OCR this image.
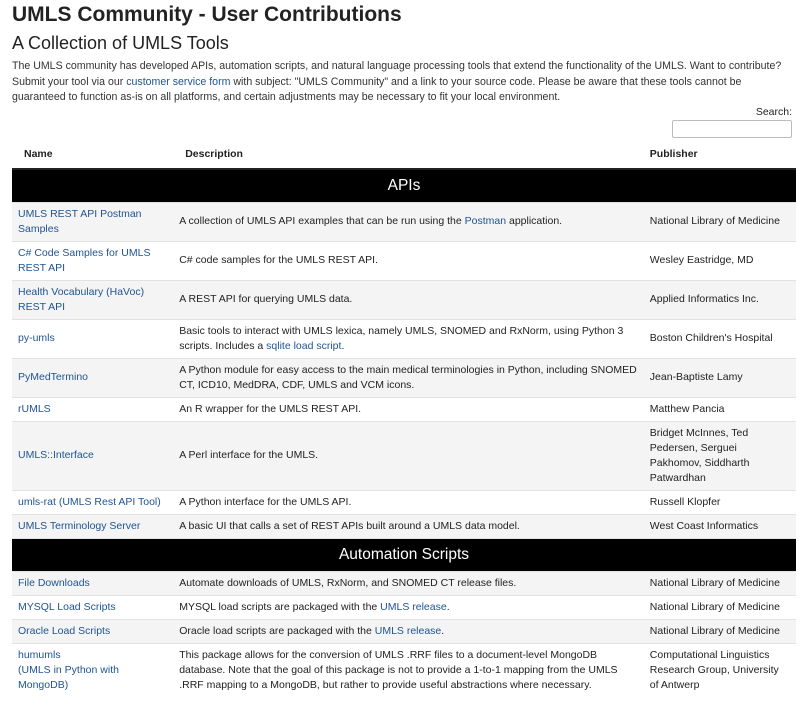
UMLS Community - User Contributions
A Collection of UMLS Tools

The UMLS community has developed APIs, automation scripts, and natural language processing tools that extend the functionality of the UMLS. Want to contribute? Submit your tool via our customer service form with subject: "UMLS Community" and a link to your source code. Please be aware that these tools cannot be guaranteed to function as-is on all platforms, and certain adjustments may be necessary to fit your local environment.

Search:
Name	Description	Publisher
APIs		
UMLS REST API Postman Samples	A collection of UMLS API examples that can be run using the Postman application.	National Library of Medicine
C# Code Samples for UMLS REST API	C# code samples for the UMLS REST API.	Wesley Eastridge, MD
Health Vocabulary (HaVoc) REST API	A REST API for querying UMLS data.	Applied Informatics Inc.
py-umls	Basic tools to interact with UMLS lexica, namely UMLS, SNOMED and RxNorm, using Python 3 scripts. Includes a sqlite load script.	Boston Children's Hospital
PyMedTermino	A Python module for easy access to the main medical terminologies in Python, including SNOMED CT, ICD10, MedDRA, CDF, UMLS and VCM icons.	Jean-Baptiste Lamy
rUMLS	An R wrapper for the UMLS REST API.	Matthew Pancia
UMLS::Interface	A Perl interface for the UMLS.	Bridget McInnes, Ted Pedersen, Serguei Pakhomov, Siddharth Patwardhan
umls-rat (UMLS Rest API Tool)	A Python interface for the UMLS API.	Russell Klopfer
UMLS Terminology Server	A basic UI that calls a set of REST APIs built around a UMLS data model.	West Coast Informatics
Automation Scripts		
File Downloads	Automate downloads of UMLS, RxNorm, and SNOMED CT release files.	National Library of Medicine
MYSQL Load Scripts	MYSQL load scripts are packaged with the UMLS release.	National Library of Medicine
Oracle Load Scripts	Oracle load scripts are packaged with the UMLS release.	National Library of Medicine
humumls
(UMLS in Python with MongoDB)	This package allows for the conversion of UMLS .RRF files to a document-level MongoDB database. Note that the goal of this package is not to provide a 1-to-1 mapping from the UMLS .RRF mapping to a MongoDB, but rather to provide useful abstractions where necessary.	Computational Linguistics Research Group, University of Antwerp
